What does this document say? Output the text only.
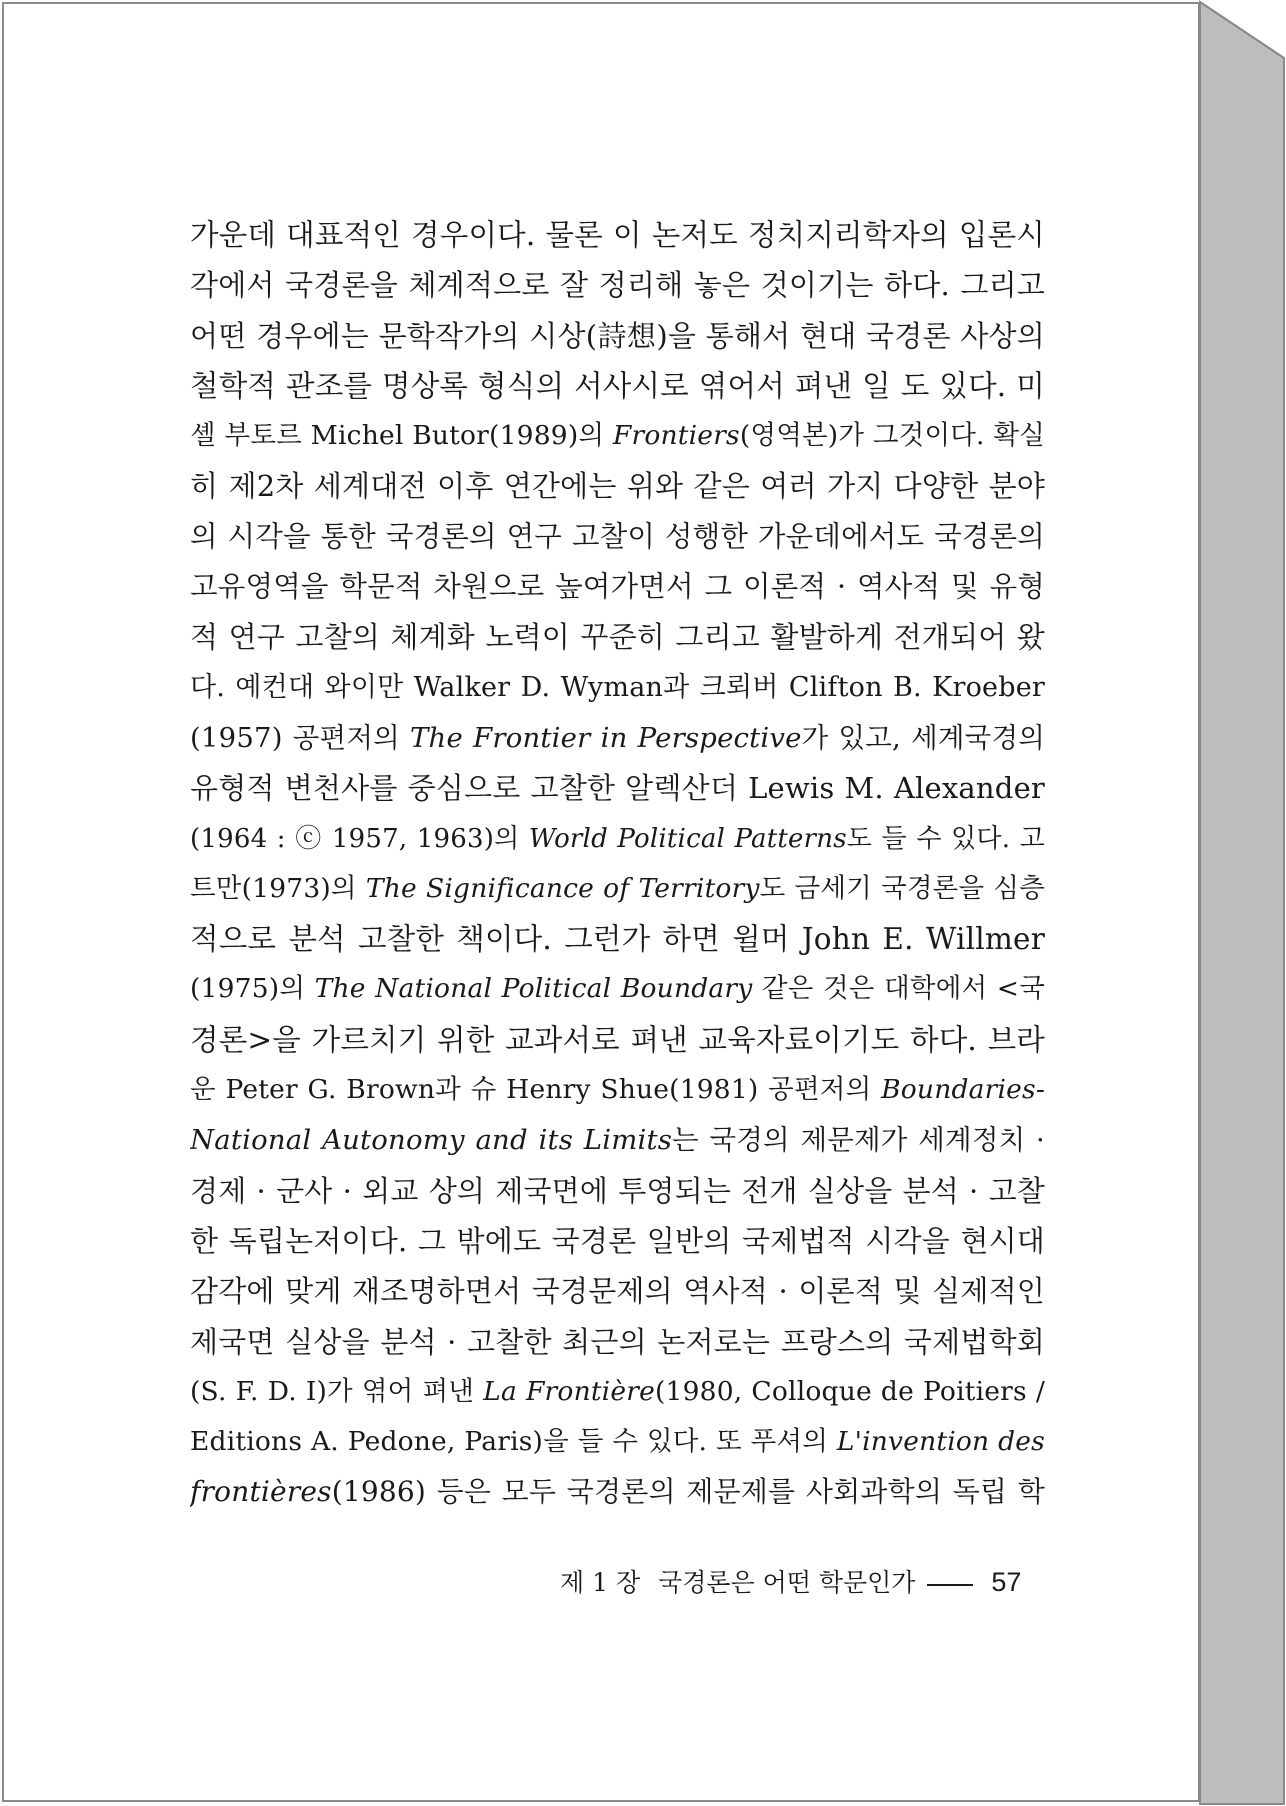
가운데 대표적인 경우이다. 물론 이 논저도 정치지리학자의 입론시
각에서 국경론을 체계적으로 잘 정리해 놓은 것이기는 하다. 그리고
어떤 경우에는 문학작가의 시상(詩想)을 통해서 현대 국경론 사상의
철학적 관조를 명상록 형식의 서사시로 엮어서 펴낸 일 도 있다. 미
셸 부토르 Michel Butor(1989)의 Frontiers(영역본)가 그것이다. 확실
히 제2차 세계대전 이후 연간에는 위와 같은 여러 가지 다양한 분야
의 시각을 통한 국경론의 연구 고찰이 성행한 가운데에서도 국경론의
고유영역을 학문적 차원으로 높여가면서 그 이론적 · 역사적 및 유형
적 연구 고찰의 체계화 노력이 꾸준히 그리고 활발하게 전개되어 왔
다. 예컨대 와이만 Walker D. Wyman과 크뢰버 Clifton B. Kroeber
(1957) 공편저의 The Frontier in Perspective가 있고, 세계국경의
유형적 변천사를 중심으로 고찰한 알렉산더 Lewis M. Alexander
(1964 : ⓒ 1957, 1963)의 World Political Patterns도 들 수 있다. 고
트만(1973)의 The Significance of Territory도 금세기 국경론을 심층
적으로 분석 고찰한 책이다. 그런가 하면 윌머 John E. Willmer
(1975)의 The National Political Boundary 같은 것은 대학에서 <국
경론>을 가르치기 위한 교과서로 펴낸 교육자료이기도 하다. 브라
운 Peter G. Brown과 슈 Henry Shue(1981) 공편저의 Boundaries-
National Autonomy and its Limits는 국경의 제문제가 세계정치 ·
경제 · 군사 · 외교 상의 제국면에 투영되는 전개 실상을 분석 · 고찰
한 독립논저이다. 그 밖에도 국경론 일반의 국제법적 시각을 현시대
감각에 맞게 재조명하면서 국경문제의 역사적 · 이론적 및 실제적인
제국면 실상을 분석 · 고찰한 최근의 논저로는 프랑스의 국제법학회
(S. F. D. I)가 엮어 펴낸 La Frontière(1980, Colloque de Poitiers /
Editions A. Pedone, Paris)을 들 수 있다. 또 푸셔의 L'invention des
frontières(1986) 등은 모두 국경론의 제문제를 사회과학의 독립 학
제 1 장 국경론은 어떤 학문인가	57
